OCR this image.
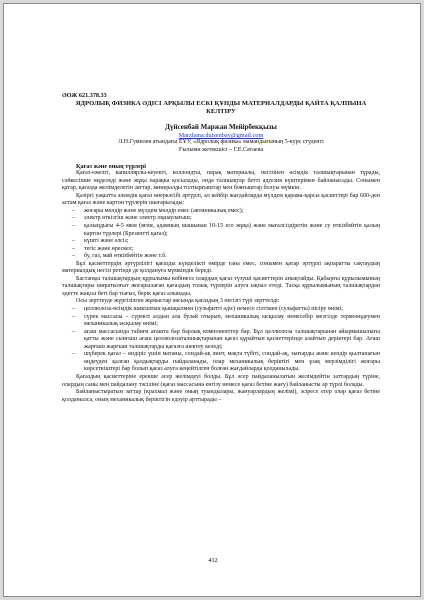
ӘОЖ 621.378.33
ЯДРОЛЫҚ ФИЗИКА ӘДІСІ АРҚЫЛЫ ЕСКІ ҚҰНДЫ МАТЕРИАЛДАРДЫ ҚАЙТА ҚАЛПЫНА КЕЛТІРУ
Дүйсенбай Маржан Мейірбекқызы
Marzhana.duisenbay@gmail.com
Л.Н.Гумилев атындағы ЕҰУ, «Ядролық физика» мамандығының 5-курс студенті
Ғылыми жетекшісі – Г.Е.Сатаева
Қағаз және оның түрлері

Қағаз-ежелгі, капиллярлы-кеуекті, коллоидты, парақ материалы, негізінен өсімдік талшықтарынан тұрады, сәйкесінше өңделеді және жұқа парақка қосылады, онда талшықтар бетті адгезия күштерімен байланысады. Сонымен қатар, қағазда желімделетін заттар, минералды толтырғыштар мен бояғыштар болуы мүмкін.

Қазіргі уақытта әлемдік қағаз өнеркәсібі әртүрлі, ал кейбір жағдайларда мүлдем қарама-қарсы қасиеттері бар 600-ден астам қағаз және картон түрлерін шығарылады:

– жоғары мөлдір және мүлдем мөлдір емес (актиникалық емес);
– электр өткізгіш және электр оқшаулағыш;
– қалыңдығы 4-5 мкм (яғни, адамның шашынан 10-15 есе жұқа) және мағалсіздіретін және су өткізбейтін қалың картон түрлері (Брезентті қағаз);
– күшті және әлсіз;
– тегіс және өрескел;
– бу, газ, май өткізбейтін және т.б.

Бұл қасиеттердің әртүрлілігі қағазды күнделікті өмірде ғана емес, сонымен қатар әртүрлі ақпаратты сақтаудың материалдық негізі ретінде де қолдануға мүмкіндік береді.

Бастапқы талшықтардың құрылымы көбінесе олардың қағаз түзуші қасиеттерін анықтайды. Қабырғы құрылымының талшықтары ширатылғыт жоғарылаған қағаздың толық түрлерін алуға ықпал етеді. Тасқа құрылымының талшықтардан әдетте жақсы беті бар тығыз, берік қағаз алынады.

Осы зерттеуде жүргізілген жұмыстар аясында қағаздың 3 негізгі түрі зерттелді:

– целлюлоза-өсімдік шикізатын қышқылмен (сульфитті әдіс) немесе сілтімен (сульфатты) пісіру өнімі;
– сүрек массасы – сүректі алдын ала булай отырып, механикалық ысқылау немесебір мезгілде термоөңдеумен механикалық ысқылау өнімі;
– ағаш массасында табиғи ағашта бар барлық компоненттер бар. Бұл целлюлоза талшықтарынан айырмашылығы қатты және сынғыш ағаш целлюлозаталшықтарынан қағаз құрайтын қасиеттерінде азайтып деріктері бар. Ағаш жарғыш жарғыш талшықтарды қағазға шектеу келеді;
– шүберек қағаз – өндіріс үшін матаны, сондай-ақ линт, мақта түбіті, сондай-ақ, зығырды және кендір қылтанағын өңдеуден қалған қалдықтарды пайдаланады, олар механикалық беріктігі мен ұзақ мерзімділігі жоғары көрсеткіштері бар болып қағаз алуға кеңейтілген болған жағдайларда қолданылады.

Қағаздың қасиеттеріне ерекше әсер желімдеуі болды. Бұл әсер пайдаланылатын желімдейтін заттардың түріне, олардың саны мен пайдалану тәсіліне (қағаз массасына енгізу немесе қағаз бетіне жағу) байланысты әр түрлі болады.

Байланыстыратын заттар (крахмал және оның туындылары, жануарлардың желімі), эсіресе егер олар қағаз бетіне қолданылса, оның механикалық беріктігін едәуір арттырады –

412
